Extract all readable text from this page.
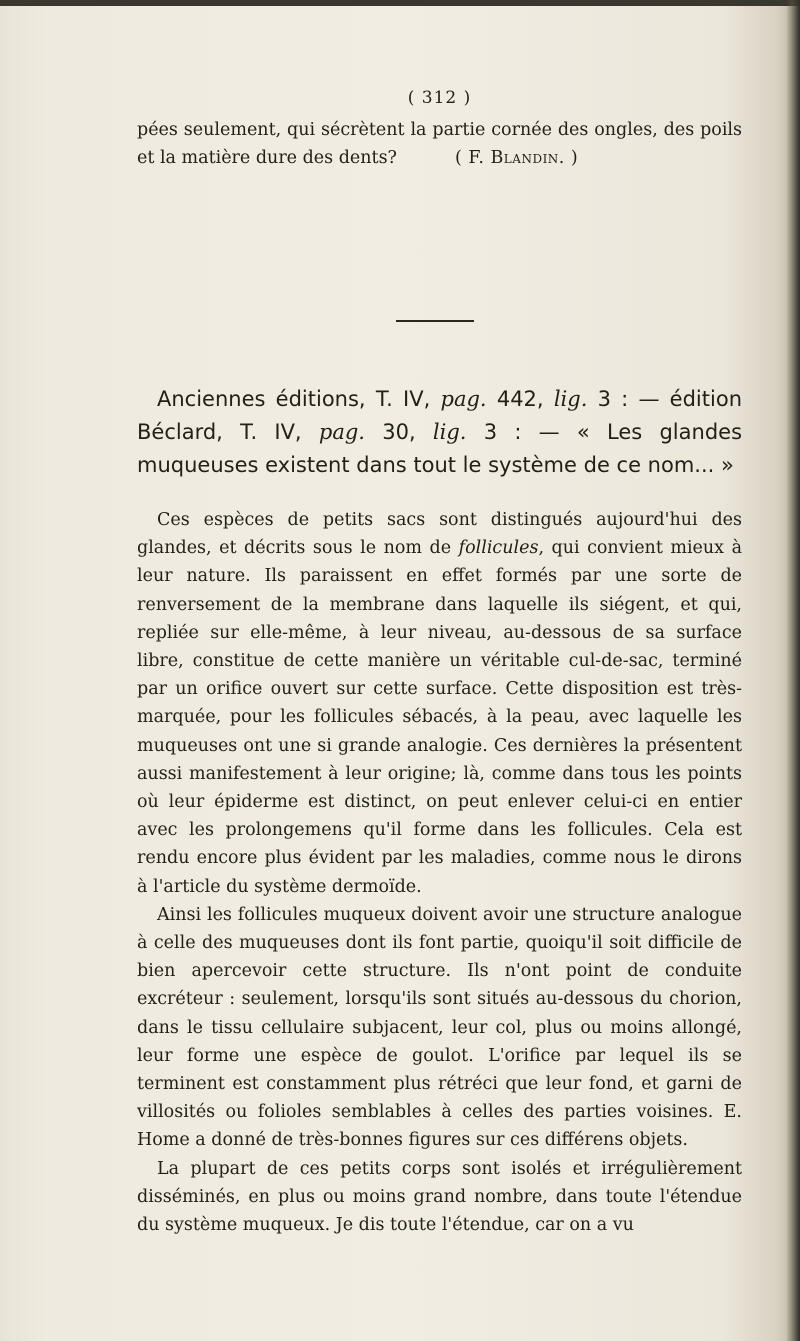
( 312 )

pées seulement, qui sécrètent la partie cornée des ongles, des poils et la matière dure des dents?    	( F. Blandin. )

Anciennes éditions, T. IV, pag. 442, lig. 3 : — édition Béclard, T. IV, pag. 30, lig. 3 : — « Les glandes muqueuses existent dans tout le système de ce nom... »

Ces espèces de petits sacs sont distingués aujourd'hui des glandes, et décrits sous le nom de follicules, qui convient mieux à leur nature. Ils paraissent en effet formés par une sorte de renversement de la membrane dans laquelle ils siégent, et qui, repliée sur elle-même, à leur niveau, au-dessous de sa surface libre, constitue de cette manière un véritable cul-de-sac, terminé par un orifice ouvert sur cette surface. Cette disposition est très-marquée, pour les follicules sébacés, à la peau, avec laquelle les muqueuses ont une si grande analogie. Ces dernières la présentent aussi manifestement à leur origine; là, comme dans tous les points où leur épiderme est distinct, on peut enlever celui-ci en entier avec les prolongemens qu'il forme dans les follicules. Cela est rendu encore plus évident par les maladies, comme nous le dirons à l'article du système dermoïde.

Ainsi les follicules muqueux doivent avoir une structure analogue à celle des muqueuses dont ils font partie, quoiqu'il soit difficile de bien apercevoir cette structure. Ils n'ont point de conduite excréteur : seulement, lorsqu'ils sont situés au-dessous du chorion, dans le tissu cellulaire subjacent, leur col, plus ou moins allongé, leur forme une espèce de goulot. L'orifice par lequel ils se terminent est constamment plus rétréci que leur fond, et garni de villosités ou folioles semblables à celles des parties voisines. E. Home a donné de très-bonnes figures sur ces différens objets.

La plupart de ces petits corps sont isolés et irrégulièrement disséminés, en plus ou moins grand nombre, dans toute l'étendue du système muqueux. Je dis toute l'étendue, car on a vu
